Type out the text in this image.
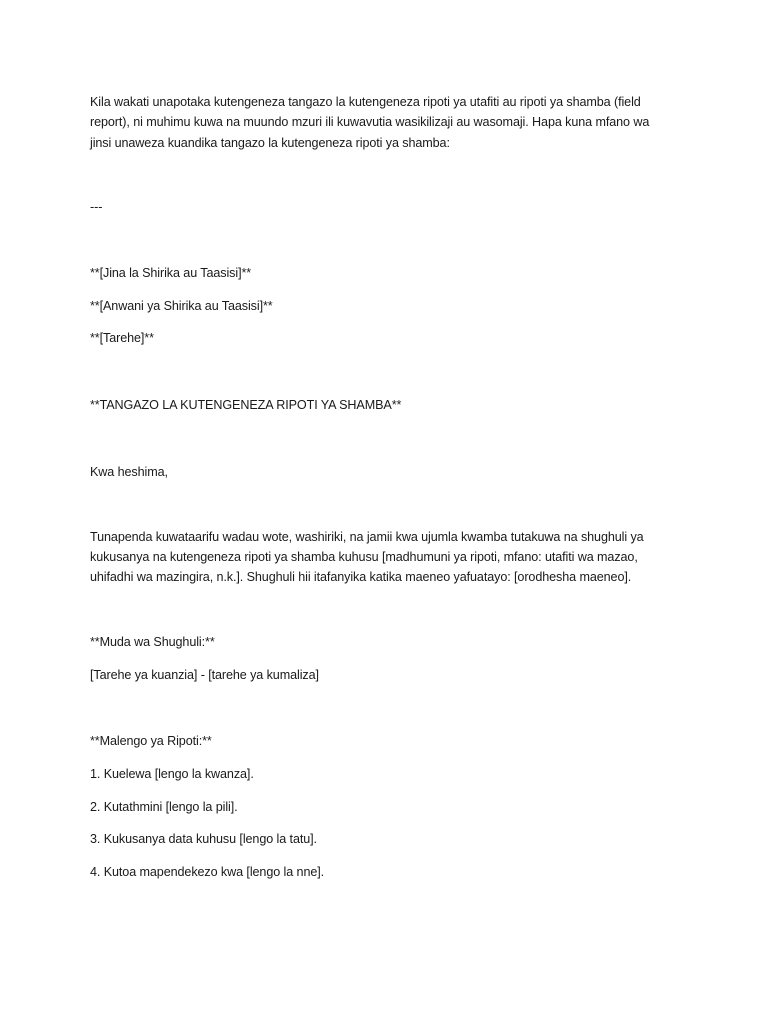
Kila wakati unapotaka kutengeneza tangazo la kutengeneza ripoti ya utafiti au ripoti ya shamba (field

report), ni muhimu kuwa na muundo mzuri ili kuwavutia wasikilizaji au wasomaji. Hapa kuna mfano wa

jinsi unaweza kuandika tangazo la kutengeneza ripoti ya shamba:

---

**[Jina la Shirika au Taasisi]**

**[Anwani ya Shirika au Taasisi]**

**[Tarehe]**

**TANGAZO LA KUTENGENEZA RIPOTI YA SHAMBA**

Kwa heshima,

Tunapenda kuwataarifu wadau wote, washiriki, na jamii kwa ujumla kwamba tutakuwa na shughuli ya

kukusanya na kutengeneza ripoti ya shamba kuhusu [madhumuni ya ripoti, mfano: utafiti wa mazao,

uhifadhi wa mazingira, n.k.]. Shughuli hii itafanyika katika maeneo yafuatayo: [orodhesha maeneo].

**Muda wa Shughuli:**

[Tarehe ya kuanzia] - [tarehe ya kumaliza]

**Malengo ya Ripoti:**

1. Kuelewa [lengo la kwanza].

2. Kutathmini [lengo la pili].

3. Kukusanya data kuhusu [lengo la tatu].

4. Kutoa mapendekezo kwa [lengo la nne].
